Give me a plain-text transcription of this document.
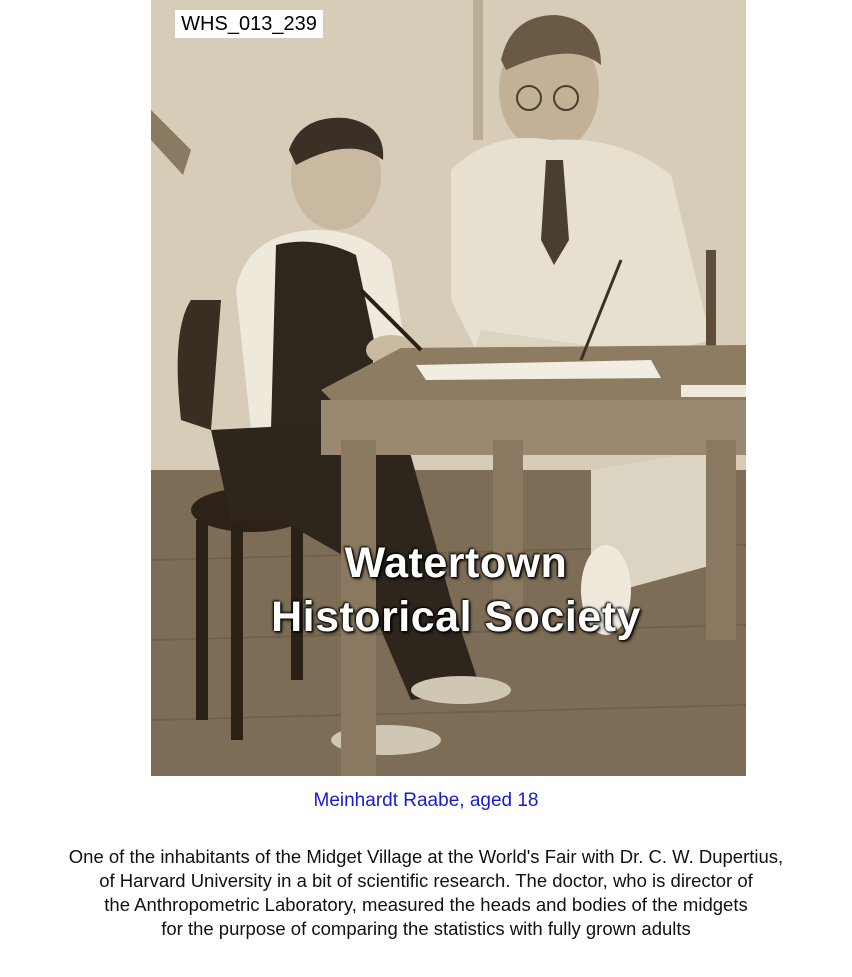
WHS_013_239
Watertown
Historical Society
Meinhardt Raabe, aged 18
One of the inhabitants of the Midget Village at the World's Fair with Dr. C. W. Dupertius,
of Harvard University in a bit of scientific research. The doctor, who is director of
the Anthropometric Laboratory, measured the heads and bodies of the midgets
for the purpose of comparing the statistics with fully grown adults
